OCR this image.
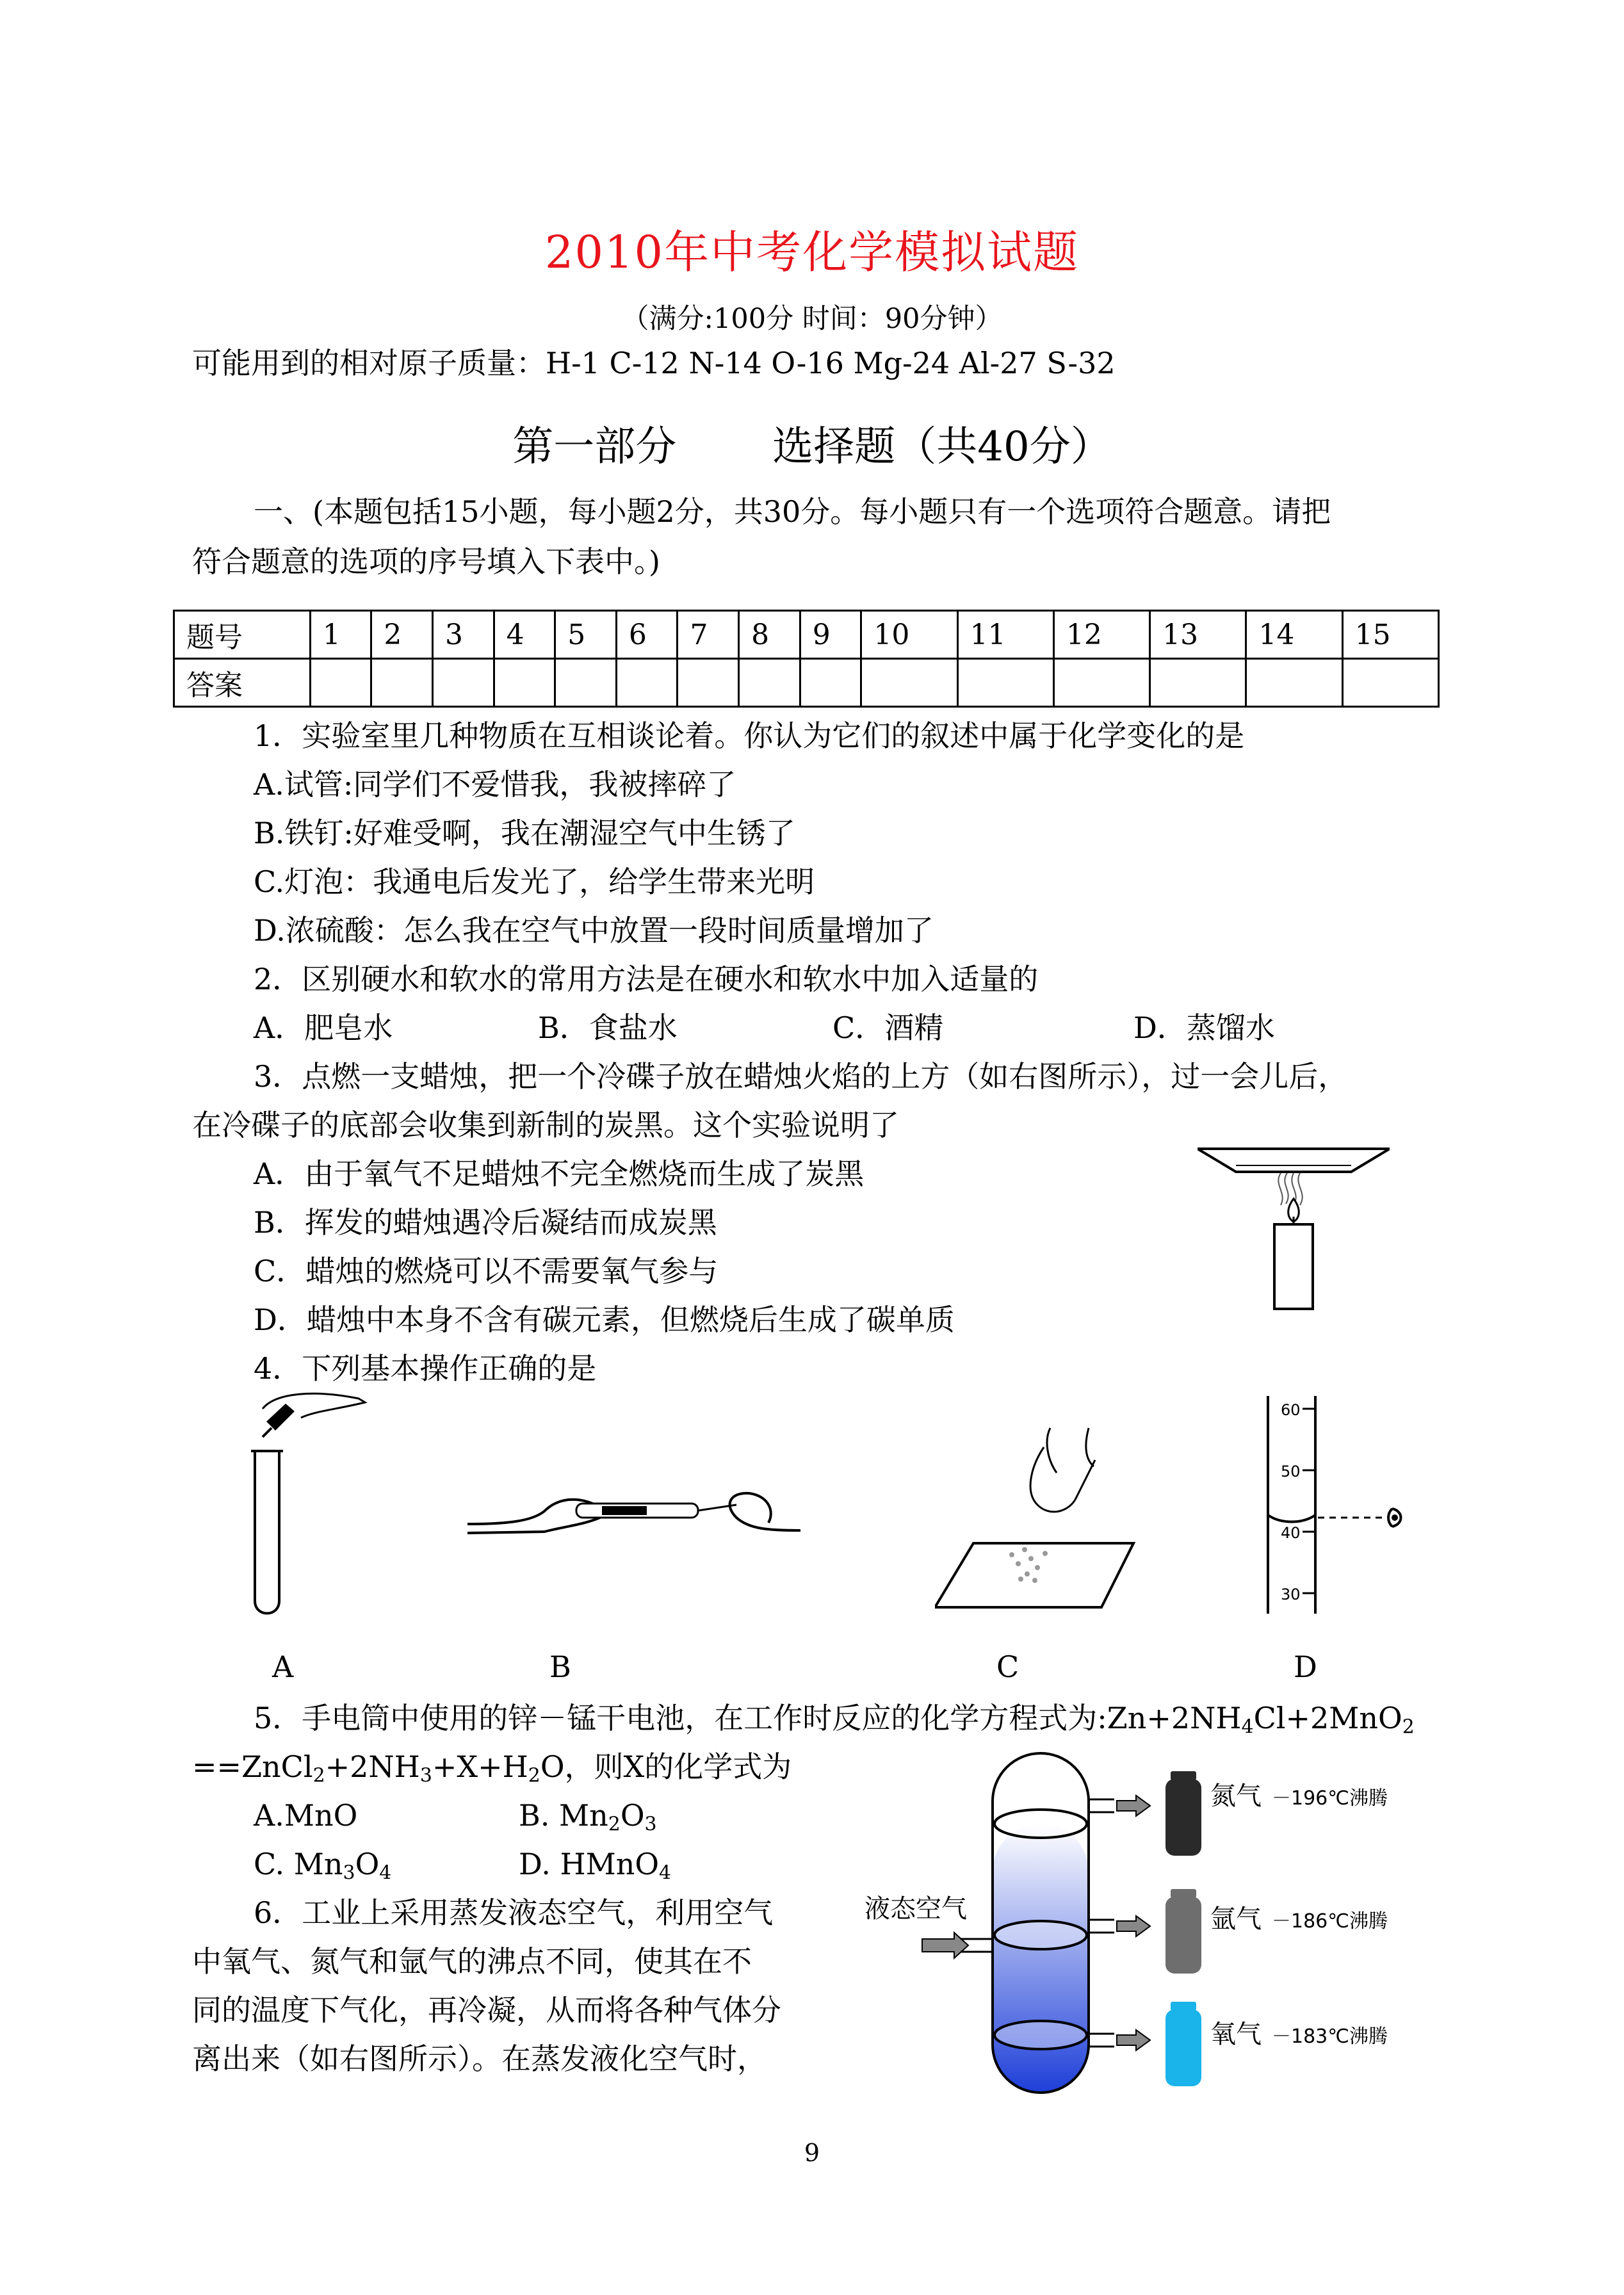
2010年中考化学模拟试题
（满分:100分 时间：90分钟）
可能用到的相对原子质量：H-1 C-12 N-14 O-16 Mg-24 Al-27 S-32
第一部分 选择题（共40分）
一、(本题包括15小题，每小题2分，共30分。每小题只有一个选项符合题意。请把
符合题意的选项的序号填入下表中。)
题号	1	2	3	4	5	6	7	8	9	10	11	12	13	14	15
答案															
1．实验室里几种物质在互相谈论着。你认为它们的叙述中属于化学变化的是
A.试管:同学们不爱惜我，我被摔碎了
B.铁钉:好难受啊，我在潮湿空气中生锈了
C.灯泡：我通电后发光了，给学生带来光明
D.浓硫酸：怎么我在空气中放置一段时间质量增加了
2．区别硬水和软水的常用方法是在硬水和软水中加入适量的
A．肥皂水	B．食盐水	C．酒精	D．蒸馏水
3．点燃一支蜡烛，把一个冷碟子放在蜡烛火焰的上方（如右图所示），过一会儿后，
在冷碟子的底部会收集到新制的炭黑。这个实验说明了
A．由于氧气不足蜡烛不完全燃烧而生成了炭黑
B．挥发的蜡烛遇冷后凝结而成炭黑
C．蜡烛的燃烧可以不需要氧气参与
D．蜡烛中本身不含有碳元素，但燃烧后生成了碳单质
4．下列基本操作正确的是
60
50
40
30
A	B	C	D
5．手电筒中使用的锌－锰干电池，在工作时反应的化学方程式为$:Zn+2NH_4Cl+2MnO_2$
$==ZnCl_2+2NH_3+X+H_2O$，则X的化学式为
A.MnO	B. $Mn_2O_3$
C. $Mn_3O_4$	D. HMnO$_4$
6．工业上采用蒸发液态空气，利用空气
中氧气、氮气和氩气的沸点不同，使其在不
同的温度下气化，再冷凝，从而将各种气体分
离出来（如右图所示）。在蒸发液化空气时，
液态空气
氮气 －196℃沸腾
氩气 －186℃沸腾
氧气 －183℃沸腾
9
